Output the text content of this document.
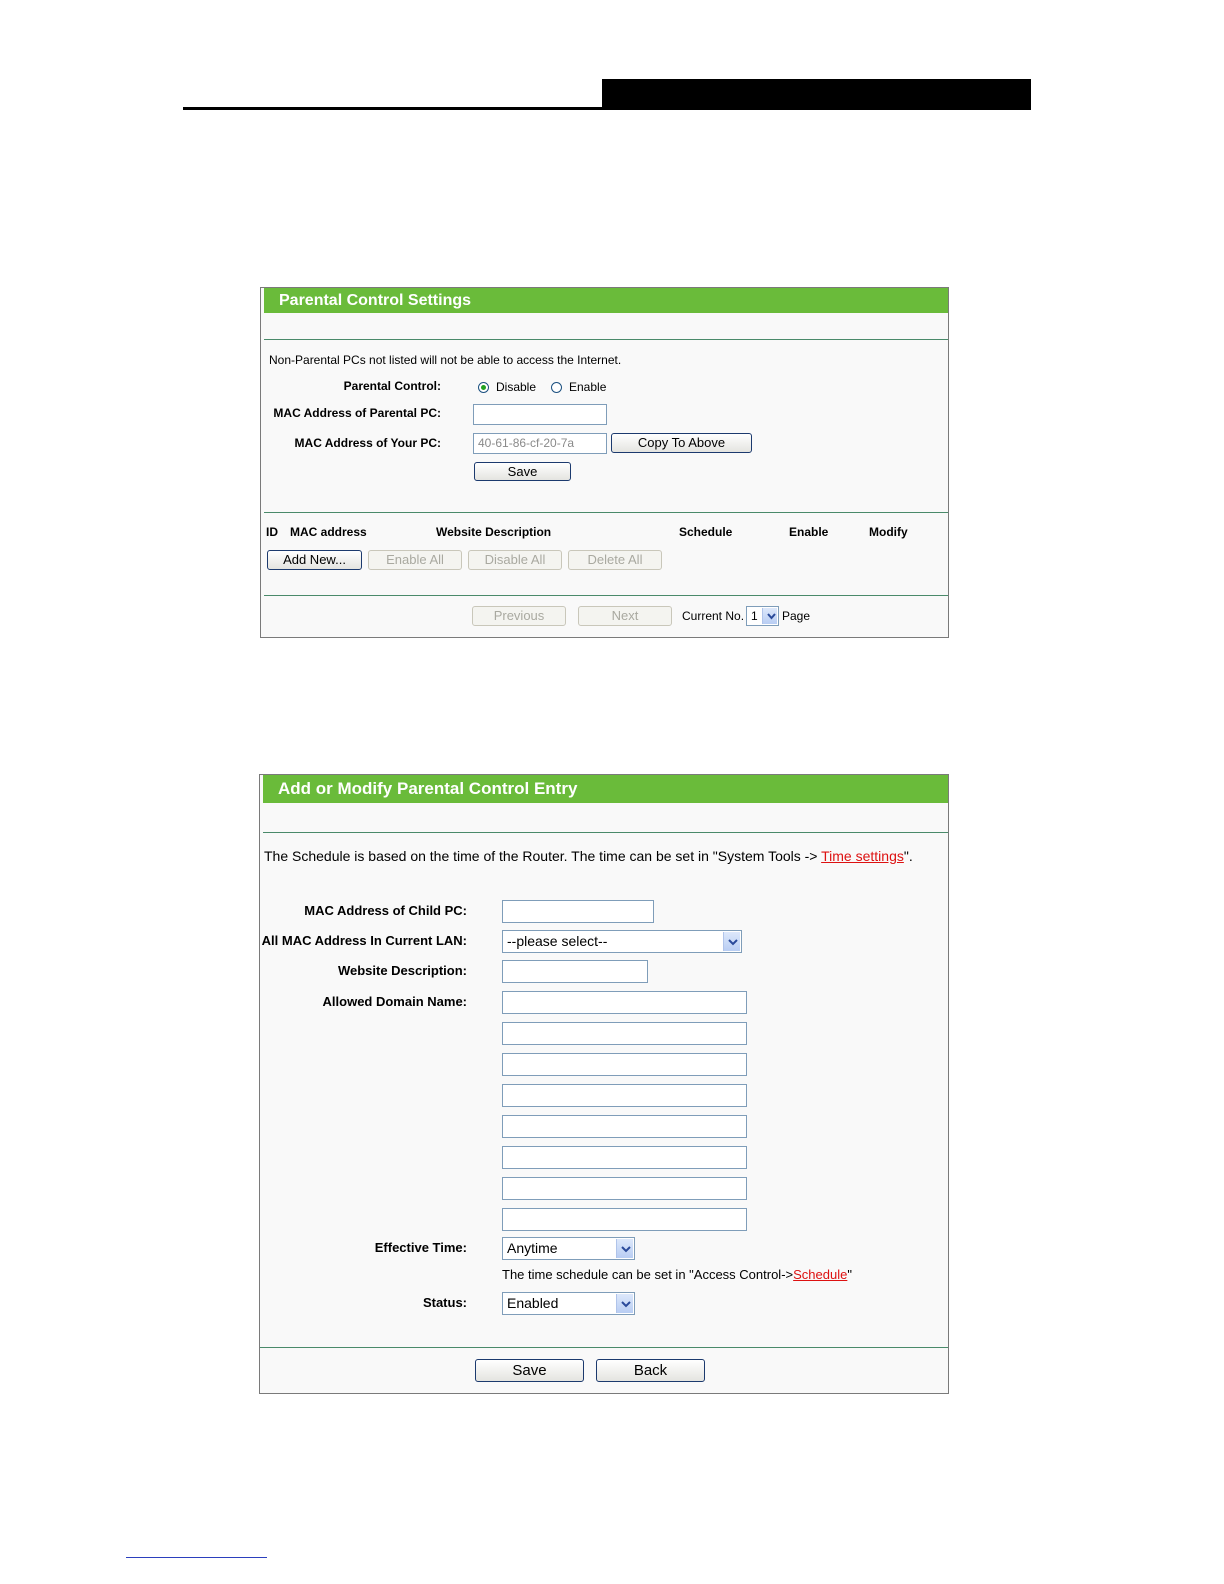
Parental Control Settings
Non-Parental PCs not listed will not be able to access the Internet.
Parental Control:	Disable	Enable
MAC Address of Parental PC:
MAC Address of Your PC:	40-61-86-cf-20-7a	Copy To Above
Save
ID MAC address	Website Description	Schedule	Enable	Modify
Add New...	Enable All	Disable All	Delete All
Previous	Next	Current No. 1	Page
Add or Modify Parental Control Entry
The Schedule is based on the time of the Router. The time can be set in "System Tools -> Time settings".
MAC Address of Child PC:
All MAC Address In Current LAN:	--please select--
Website Description:
Allowed Domain Name:
Effective Time:	Anytime
The time schedule can be set in "Access Control->Schedule"
Status:	Enabled
Save	Back
